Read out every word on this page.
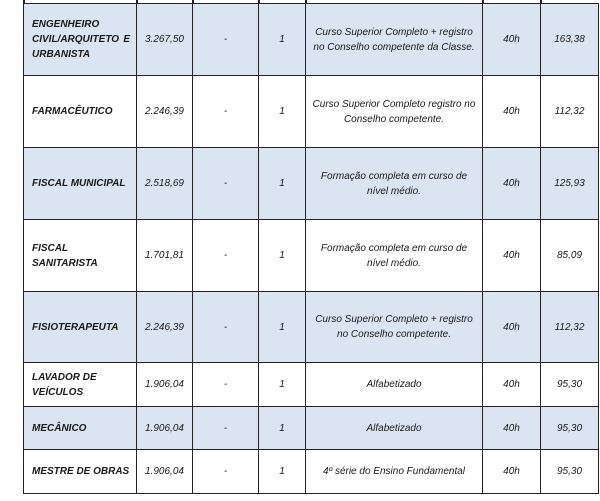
ENGENHEIRO
CIVIL/ARQUITETO E
URBANISTA	3.267,50	-	1	Curso Superior Completo + registro no Conselho competente da Classe.	40h	163,38
FARMACÊUTICO	2.246,39	-	1	Curso Superior Completo registro no Conselho competente.	40h	112,32
FISCAL MUNICIPAL	2.518,69	-	1	Formação completa em curso de nível médio.	40h	125,93
FISCAL SANITARISTA	1.701,81	-	1	Formação completa em curso de nível médio.	40h	85,09
FISIOTERAPEUTA	2.246,39	-	1	Curso Superior Completo + registro no Conselho competente.	40h	112,32
LAVADOR DE VEÍCULOS	1.906,04	-	1	Alfabetizado	40h	95,30
MECÂNICO	1.906,04	-	1	Alfabetizado	40h	95,30
MESTRE DE OBRAS	1.906,04	-	1	4º série do Ensino Fundamental	40h	95,30
